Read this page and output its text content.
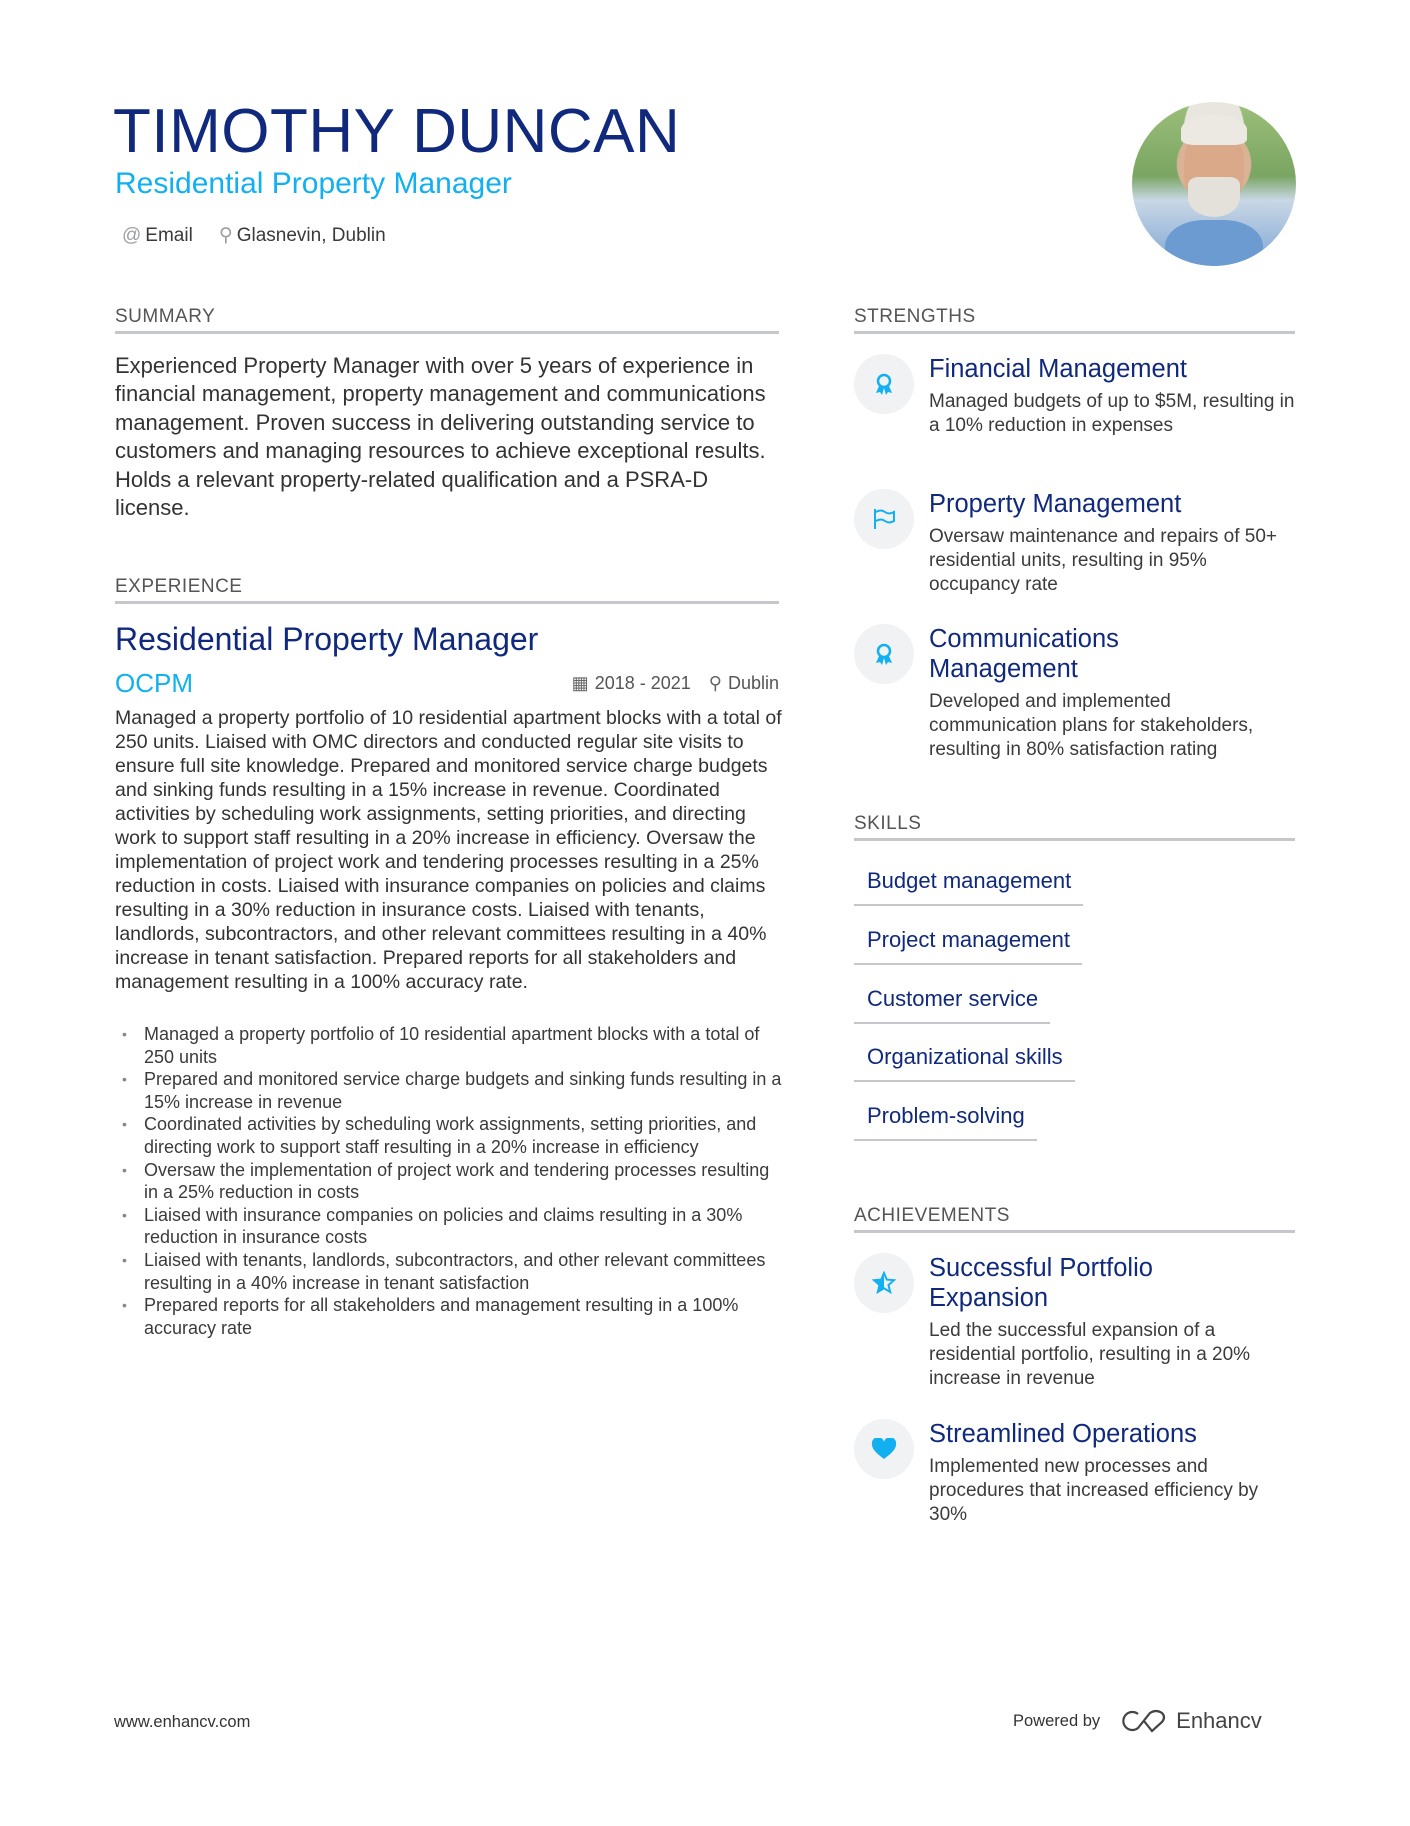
TIMOTHY DUNCAN
Residential Property Manager
@ Email ⚲ Glasnevin, Dublin
SUMMARY
Experienced Property Manager with over 5 years of experience in financial management, property management and communications management. Proven success in delivering outstanding service to customers and managing resources to achieve exceptional results. Holds a relevant property-related qualification and a PSRA-D license.
EXPERIENCE
Residential Property Manager
OCPM	▦ 2018 - 2021 ⚲ Dublin
Managed a property portfolio of 10 residential apartment blocks with a total of 250 units. Liaised with OMC directors and conducted regular site visits to ensure full site knowledge. Prepared and monitored service charge budgets and sinking funds resulting in a 15% increase in revenue. Coordinated activities by scheduling work assignments, setting priorities, and directing work to support staff resulting in a 20% increase in efficiency. Oversaw the implementation of project work and tendering processes resulting in a 25% reduction in costs. Liaised with insurance companies on policies and claims resulting in a 30% reduction in insurance costs. Liaised with tenants, landlords, subcontractors, and other relevant committees resulting in a 40% increase in tenant satisfaction. Prepared reports for all stakeholders and management resulting in a 100% accuracy rate.
• Managed a property portfolio of 10 residential apartment blocks with a total of 250 units
• Prepared and monitored service charge budgets and sinking funds resulting in a 15% increase in revenue
• Coordinated activities by scheduling work assignments, setting priorities, and directing work to support staff resulting in a 20% increase in efficiency
• Oversaw the implementation of project work and tendering processes resulting in a 25% reduction in costs
• Liaised with insurance companies on policies and claims resulting in a 30% reduction in insurance costs
• Liaised with tenants, landlords, subcontractors, and other relevant committees resulting in a 40% increase in tenant satisfaction
• Prepared reports for all stakeholders and management resulting in a 100% accuracy rate
STRENGTHS
Financial Management
Managed budgets of up to $5M, resulting in a 10% reduction in expenses
Property Management
Oversaw maintenance and repairs of 50+ residential units, resulting in 95% occupancy rate
Communications Management
Developed and implemented communication plans for stakeholders, resulting in 80% satisfaction rating
SKILLS
Budget management
Project management
Customer service
Organizational skills
Problem-solving
ACHIEVEMENTS
Successful Portfolio Expansion
Led the successful expansion of a residential portfolio, resulting in a 20% increase in revenue
Streamlined Operations
Implemented new processes and procedures that increased efficiency by 30%
www.enhancv.com	Powered by	Enhancv
